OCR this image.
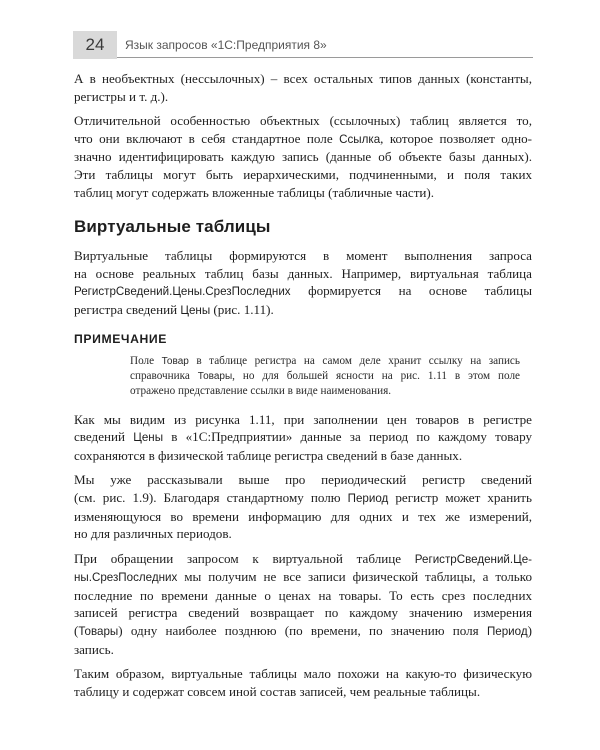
24	Язык запросов «1С:Предприятия 8»

А в необъектных (нессылочных) – всех остальных типов данных (константы,
регистры и т. д.).

Отличительной особенностью объектных (ссылочных) таблиц является то,
что они включают в себя стандартное поле Ссылка, которое позволяет одно-
значно идентифицировать каждую запись (данные об объекте базы данных).
Эти таблицы могут быть иерархическими, подчиненными, и поля таких
таблиц могут содержать вложенные таблицы (табличные части).

Виртуальные таблицы

Виртуальные таблицы формируются в момент выполнения запроса
на основе реальных таблиц базы данных. Например, виртуальная таблица
РегистрСведений.Цены.СрезПоследних формируется на основе таблицы
регистра сведений Цены (рис. 1.11).

ПРИМЕЧАНИЕ
Поле Товар в таблице регистра на самом деле хранит ссылку на запись
справочника Товары, но для большей ясности на рис. 1.11 в этом поле
отражено представление ссылки в виде наименования.

Как мы видим из рисунка 1.11, при заполнении цен товаров в регистре
сведений Цены в «1С:Предприятии» данные за период по каждому товару
сохраняются в физической таблице регистра сведений в базе данных.

Мы уже рассказывали выше про периодический регистр сведений
(см. рис. 1.9). Благодаря стандартному полю Период регистр может хранить
изменяющуюся во времени информацию для одних и тех же измерений,
но для различных периодов.

При обращении запросом к виртуальной таблице РегистрСведений.Це-
ны.СрезПоследних мы получим не все записи физической таблицы, а только
последние по времени данные о ценах на товары. То есть срез последних
записей регистра сведений возвращает по каждому значению измерения
(Товары) одну наиболее позднюю (по времени, по значению поля Период)
запись.

Таким образом, виртуальные таблицы мало похожи на какую-то физическую
таблицу и содержат совсем иной состав записей, чем реальные таблицы.
